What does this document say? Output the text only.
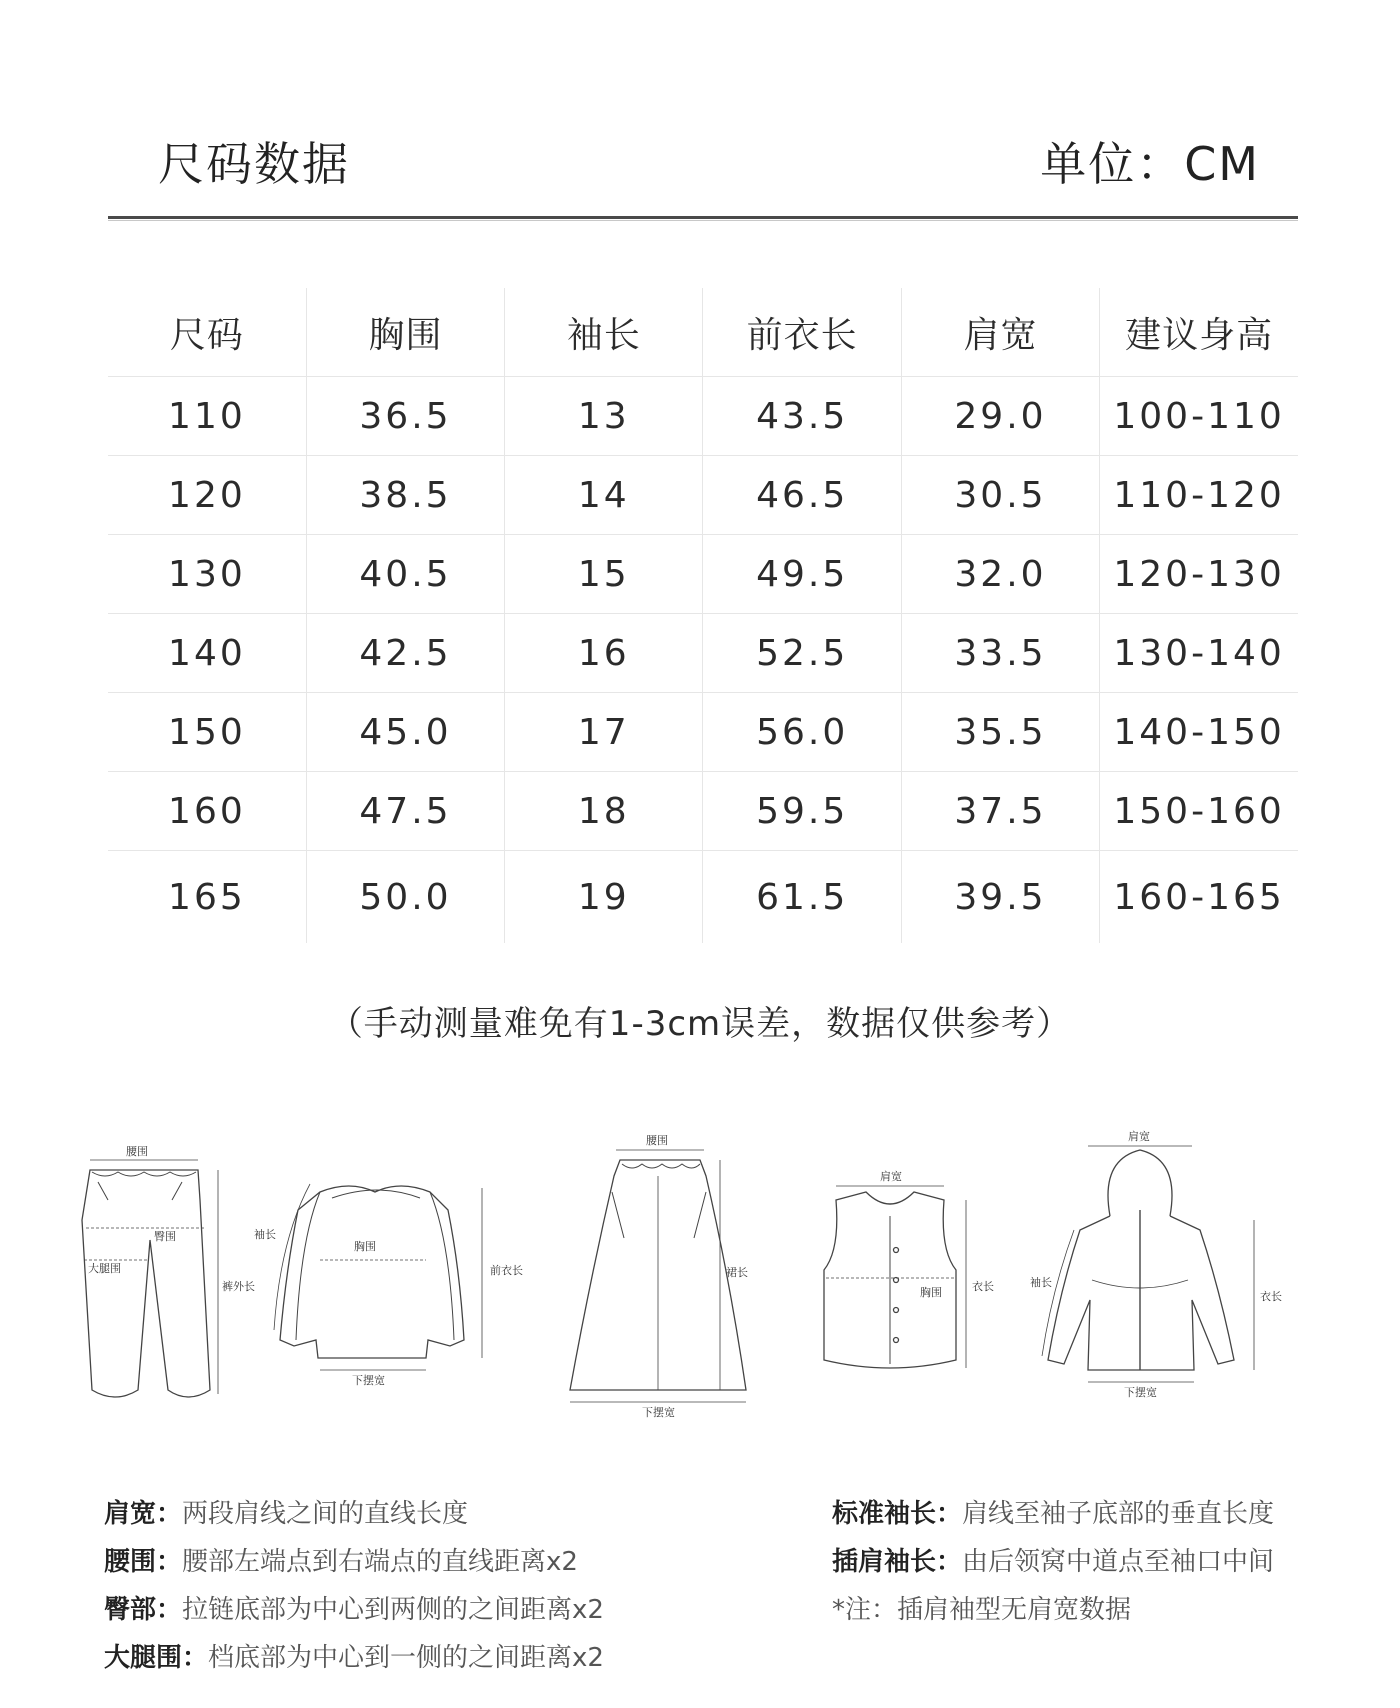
尺码数据	单位：CM
尺码	胸围	袖长	前衣长	肩宽	建议身高
110	36.5	13	43.5	29.0	100-110
120	38.5	14	46.5	30.5	110-120
130	40.5	15	49.5	32.0	120-130
140	42.5	16	52.5	33.5	130-140
150	45.0	17	56.0	35.5	140-150
160	47.5	18	59.5	37.5	150-160
165	50.0	19	61.5	39.5	160-165
（手动测量难免有1-3cm误差，数据仅供参考）
腰围
臀围
大腿围
裤外长
胸围
袖长
前衣长
下摆宽
腰围
裙长
下摆宽
肩宽
胸围	衣长
肩宽
袖长
衣长
下摆宽
肩宽：两段肩线之间的直线长度
腰围：腰部左端点到右端点的直线距离x2
臀部：拉链底部为中心到两侧的之间距离x2
大腿围：档底部为中心到一侧的之间距离x2
标准袖长：肩线至袖子底部的垂直长度
插肩袖长：由后领窝中道点至袖口中间
*注：插肩袖型无肩宽数据
